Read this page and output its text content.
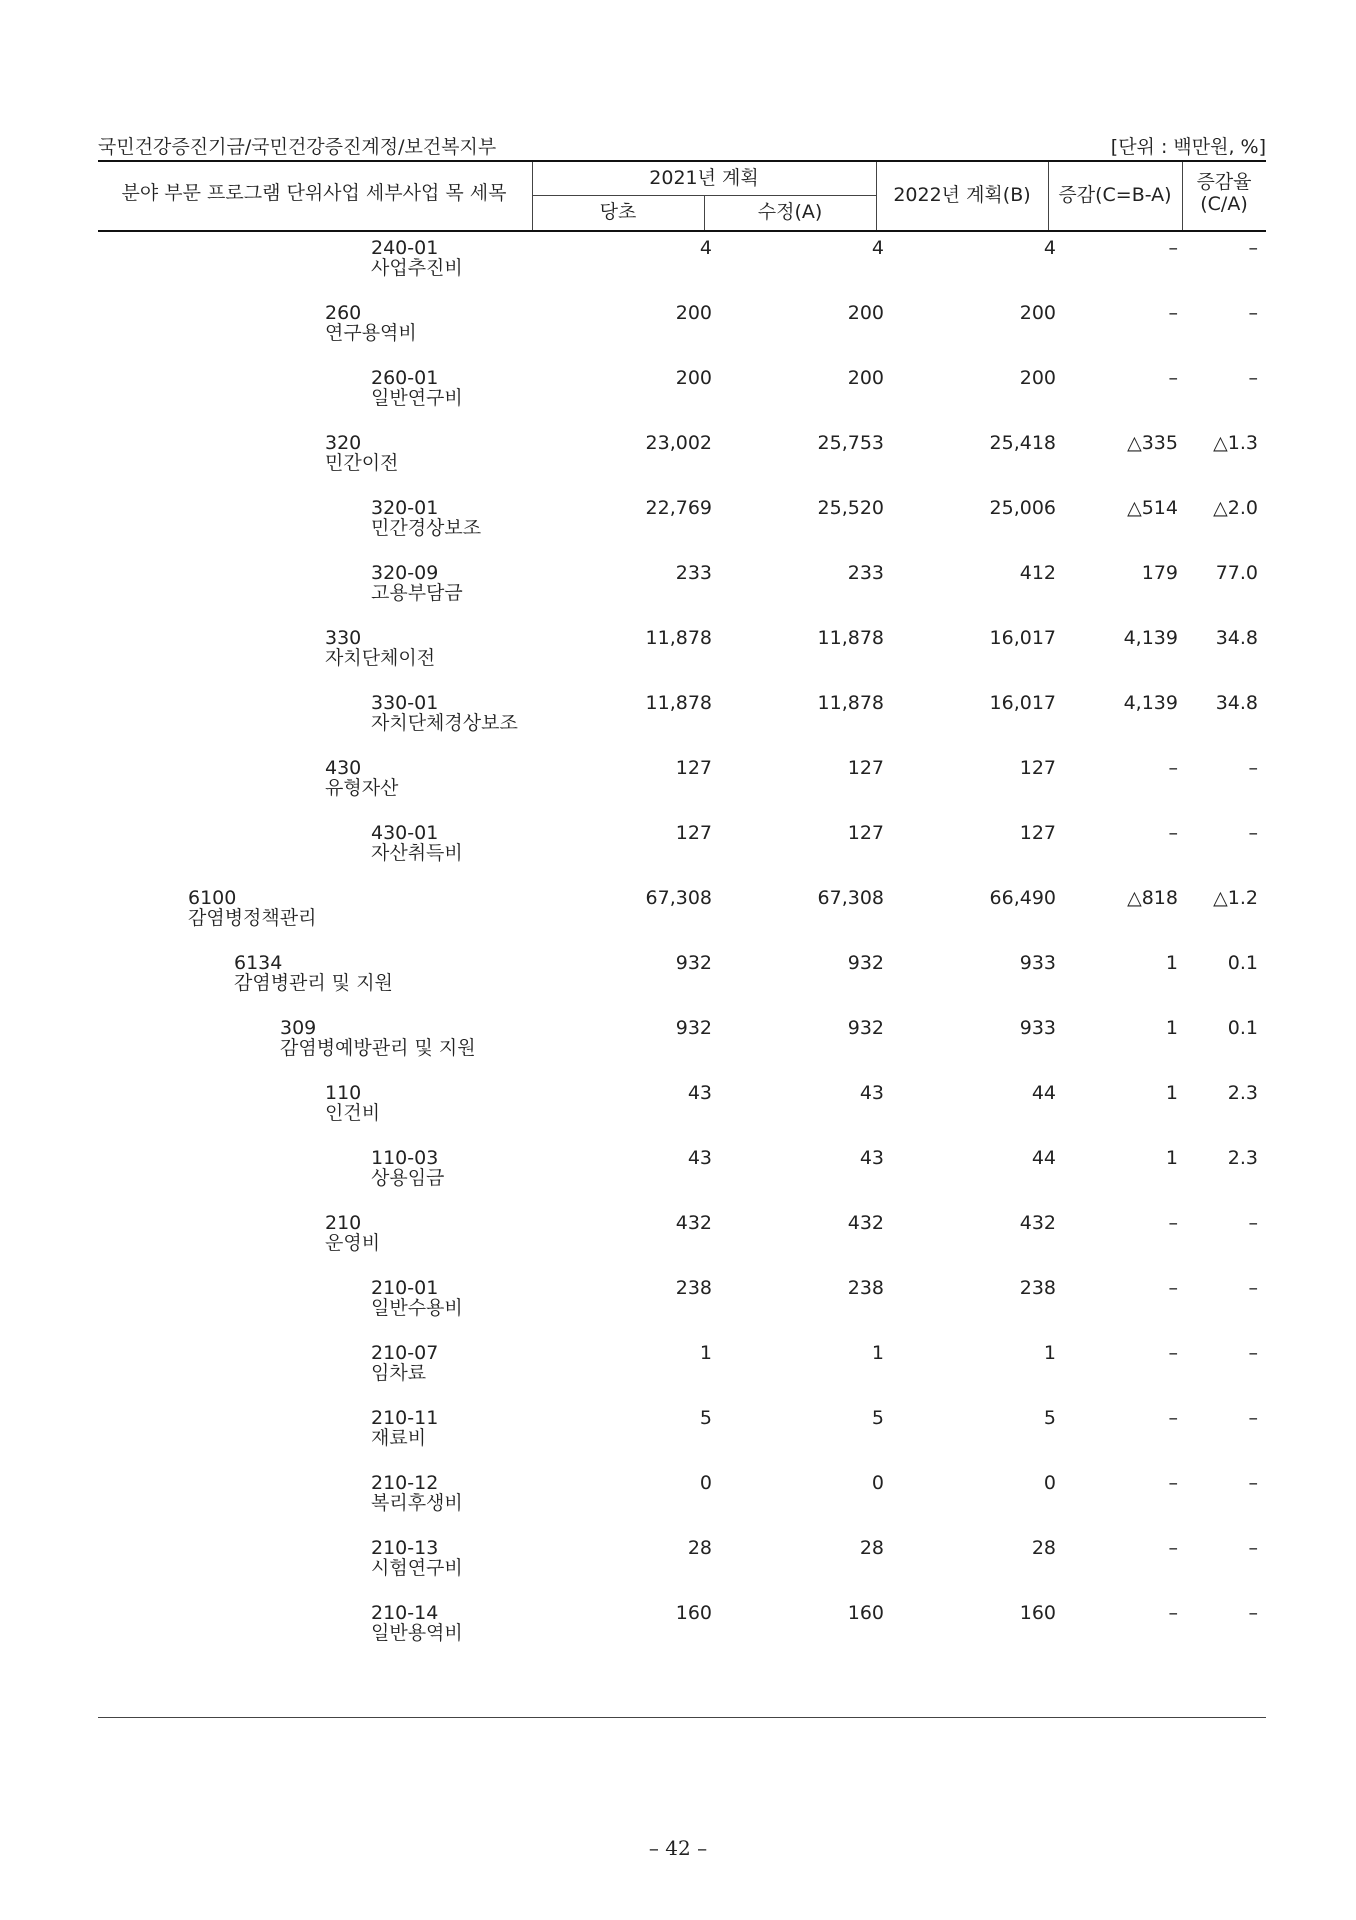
국민건강증진기금/국민건강증진계정/보건복지부	[단위 : 백만원, %]
분야 부문 프로그램 단위사업 세부사업 목 세목
2021년 계획
당초	수정(A)
2022년 계획(B)	증감(C=B-A)
증감율
(C/A)
240-01
사업추진비
4	4	4	–	–
260
연구용역비
200	200	200	–	–
260-01
일반연구비
200	200	200	–	–
320
민간이전
23,002	25,753	25,418	△335 △1.3
320-01
민간경상보조
22,769	25,520	25,006	△514 △2.0
320-09
고용부담금
233	233	412	179 77.0
330
자치단체이전
11,878	11,878	16,017	4,139 34.8
330-01
자치단체경상보조
11,878	11,878	16,017	4,139 34.8
430
유형자산
127	127	127	–	–
430-01
자산취득비
127	127	127	–	–
6100
감염병정책관리
67,308	67,308	66,490	△818 △1.2
6134
감염병관리 및 지원
932	932	933	1	0.1
309
감염병예방관리 및 지원
932	932	933	1	0.1
110
인건비
43	43	44	1	2.3
110-03
상용임금
43	43	44	1	2.3
210
운영비
432	432	432	–	–
210-01
일반수용비
238	238	238	–	–
210-07
임차료
1	1	1	–	–
210-11
재료비
5	5	5	–	–
210-12
복리후생비
0	0	0	–	–
210-13
시험연구비
28	28	28	–	–
210-14
일반용역비
160	160	160	–	–
– 42 –
